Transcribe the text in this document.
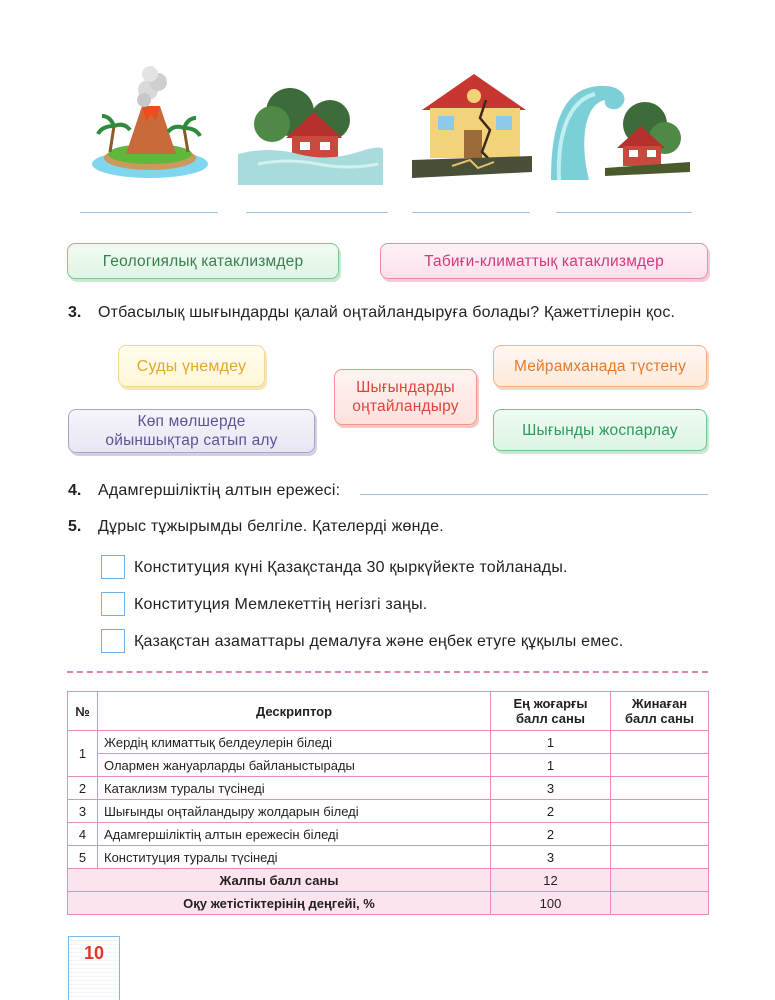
Геологиялық катаклизмдер	Табиғи-климаттық катаклизмдер
3. Отбасылық шығындарды қалай оңтайландыруға болады? Қажеттілерін қос.
Суды үнемдеу
Көп мөлшерде ойыншықтар сатып алу
Шығындарды оңтайландыру
Мейрамханада түстену
Шығынды жоспарлау
4. Адамгершіліктің алтын ережесі:
5. Дұрыс тұжырымды белгіле. Қателерді жөнде.
Конституция күні Қазақстанда 30 қыркүйекте тойланады.
Конституция Мемлекеттің негізгі заңы.
Қазақстан азаматтары демалуға және еңбек етуге құқылы емес.
№	Дескриптор	Ең жоғарғы балл саны	Жинаған балл саны
1	Жердің климаттық белдеулерін біледі	1	
	Олармен жануарларды байланыстырады	1	
2	Катаклизм туралы түсінеді	3	
3	Шығынды оңтайландыру жолдарын біледі	2	
4	Адамгершіліктің алтын ережесін біледі	2	
5	Конституция туралы түсінеді	3	
Жалпы балл саны		12	
Оқу жетістіктерінің деңгейі, %		100	
10
